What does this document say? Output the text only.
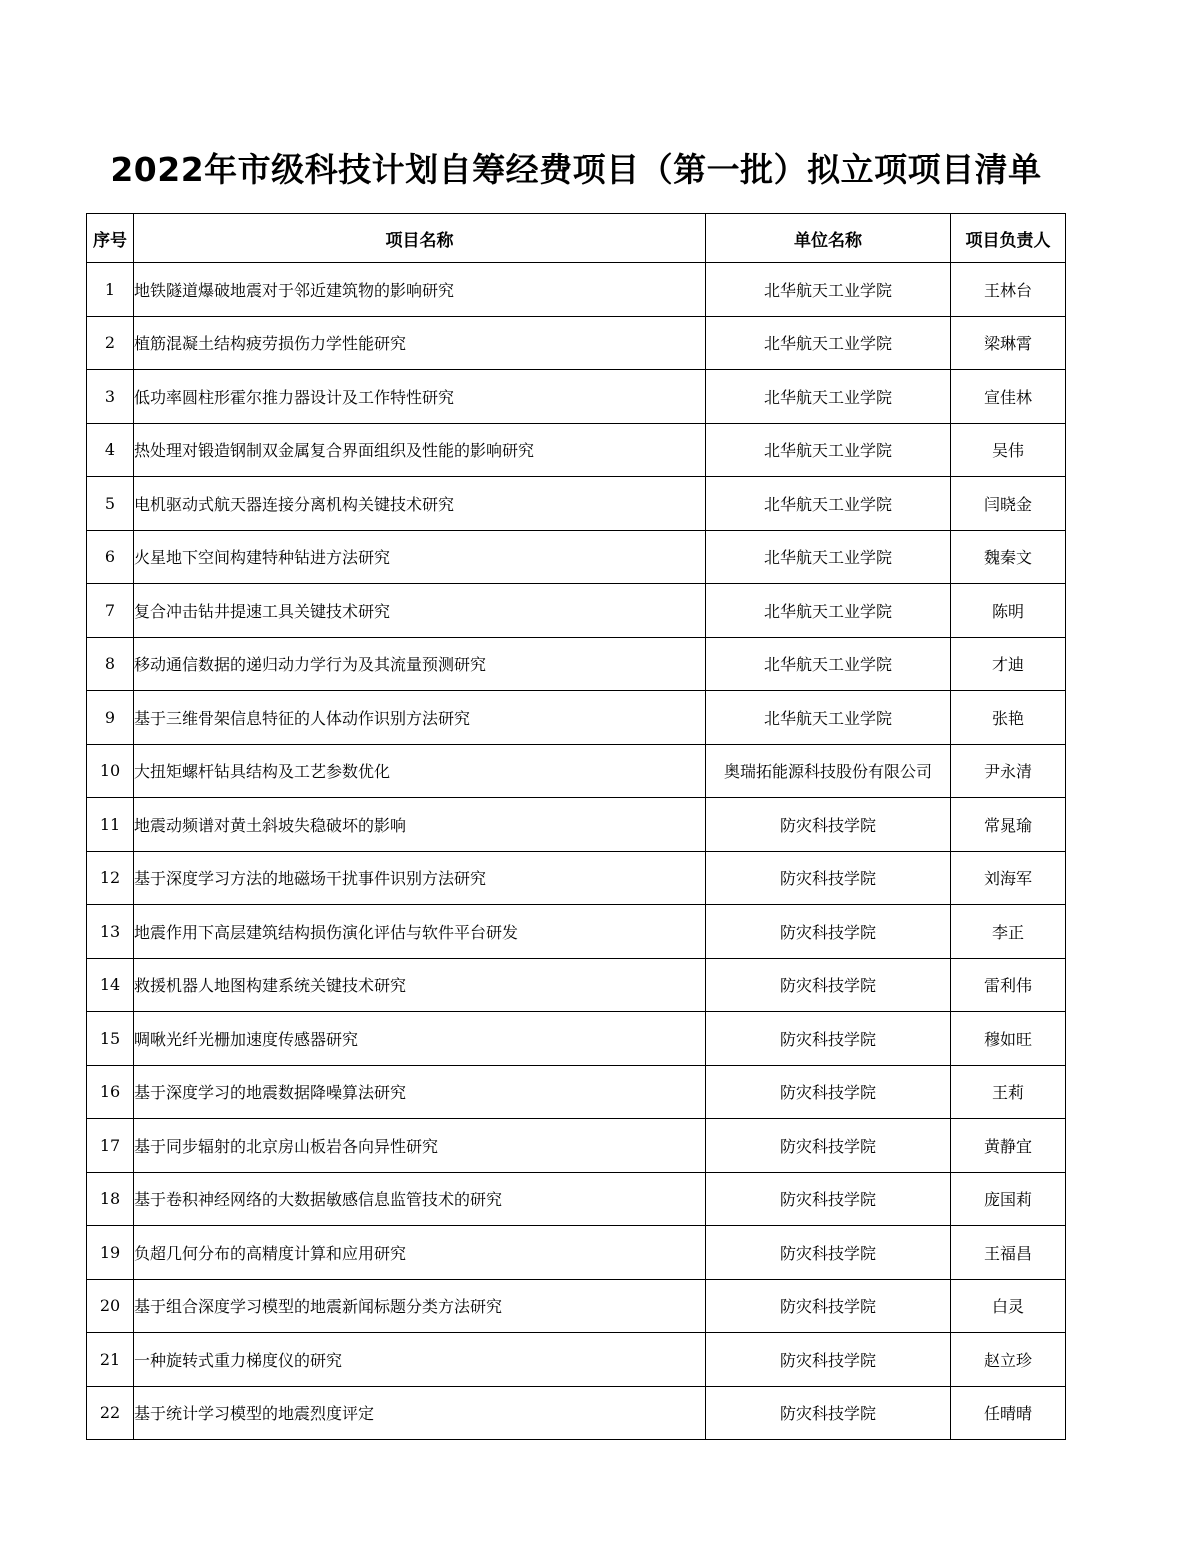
2022年市级科技计划自筹经费项目（第一批）拟立项项目清单
序号	项目名称	单位名称	项目负责人
1	地铁隧道爆破地震对于邻近建筑物的影响研究	北华航天工业学院	王林台
2	植筋混凝土结构疲劳损伤力学性能研究	北华航天工业学院	梁琳霄
3	低功率圆柱形霍尔推力器设计及工作特性研究	北华航天工业学院	宣佳林
4	热处理对锻造钢制双金属复合界面组织及性能的影响研究	北华航天工业学院	吴伟
5	电机驱动式航天器连接分离机构关键技术研究	北华航天工业学院	闫晓金
6	火星地下空间构建特种钻进方法研究	北华航天工业学院	魏秦文
7	复合冲击钻井提速工具关键技术研究	北华航天工业学院	陈明
8	移动通信数据的递归动力学行为及其流量预测研究	北华航天工业学院	才迪
9	基于三维骨架信息特征的人体动作识别方法研究	北华航天工业学院	张艳
10	大扭矩螺杆钻具结构及工艺参数优化	奥瑞拓能源科技股份有限公司	尹永清
11	地震动频谱对黄土斜坡失稳破坏的影响	防灾科技学院	常晁瑜
12	基于深度学习方法的地磁场干扰事件识别方法研究	防灾科技学院	刘海军
13	地震作用下高层建筑结构损伤演化评估与软件平台研发	防灾科技学院	李正
14	救援机器人地图构建系统关键技术研究	防灾科技学院	雷利伟
15	啁啾光纤光栅加速度传感器研究	防灾科技学院	穆如旺
16	基于深度学习的地震数据降噪算法研究	防灾科技学院	王莉
17	基于同步辐射的北京房山板岩各向异性研究	防灾科技学院	黄静宜
18	基于卷积神经网络的大数据敏感信息监管技术的研究	防灾科技学院	庞国莉
19	负超几何分布的高精度计算和应用研究	防灾科技学院	王福昌
20	基于组合深度学习模型的地震新闻标题分类方法研究	防灾科技学院	白灵
21	一种旋转式重力梯度仪的研究	防灾科技学院	赵立珍
22	基于统计学习模型的地震烈度评定	防灾科技学院	任晴晴
